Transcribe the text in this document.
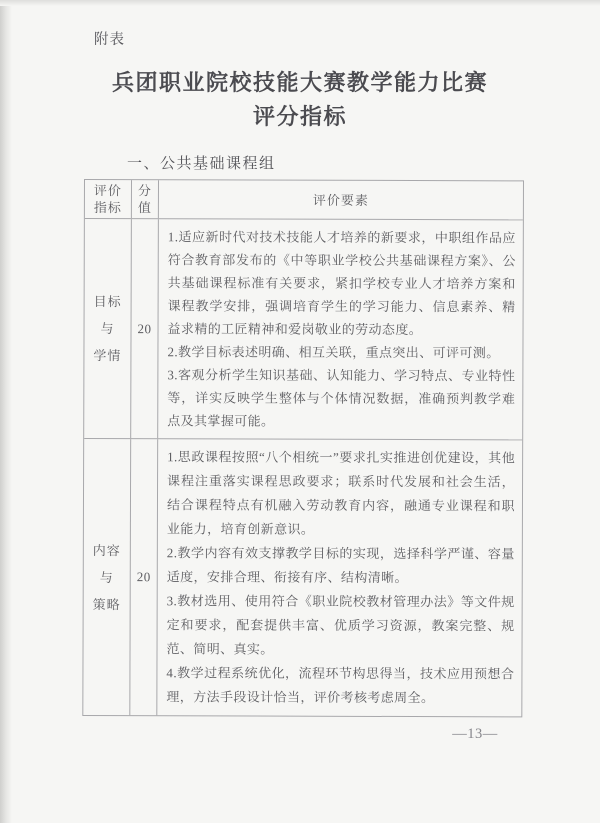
附表
兵团职业院校技能大赛教学能力比赛
评分指标
一、公共基础课程组
评价
指标
分
值
评价要素
目标
与
学情
20

1.适应新时代对技术技能人才培养的新要求，中职组作品应符合教育部发布的《中等职业学校公共基础课程方案》、公共基础课程标准有关要求，紧扣学校专业人才培养方案和课程教学安排，强调培育学生的学习能力、信息素养、精益求精的工匠精神和爱岗敬业的劳动态度。

2.教学目标表述明确、相互关联，重点突出、可评可测。

3.客观分析学生知识基础、认知能力、学习特点、专业特性等，详实反映学生整体与个体情况数据，准确预判教学难点及其掌握可能。

内容
与
策略
20

1.思政课程按照“八个相统一”要求扎实推进创优建设，其他课程注重落实课程思政要求；联系时代发展和社会生活，结合课程特点有机融入劳动教育内容，融通专业课程和职业能力，培育创新意识。

2.教学内容有效支撑教学目标的实现，选择科学严谨、容量适度，安排合理、衔接有序、结构清晰。

3.教材选用、使用符合《职业院校教材管理办法》等文件规定和要求，配套提供丰富、优质学习资源，教案完整、规范、简明、真实。

4.教学过程系统优化，流程环节构思得当，技术应用预想合理，方法手段设计恰当，评价考核考虑周全。

—13—
